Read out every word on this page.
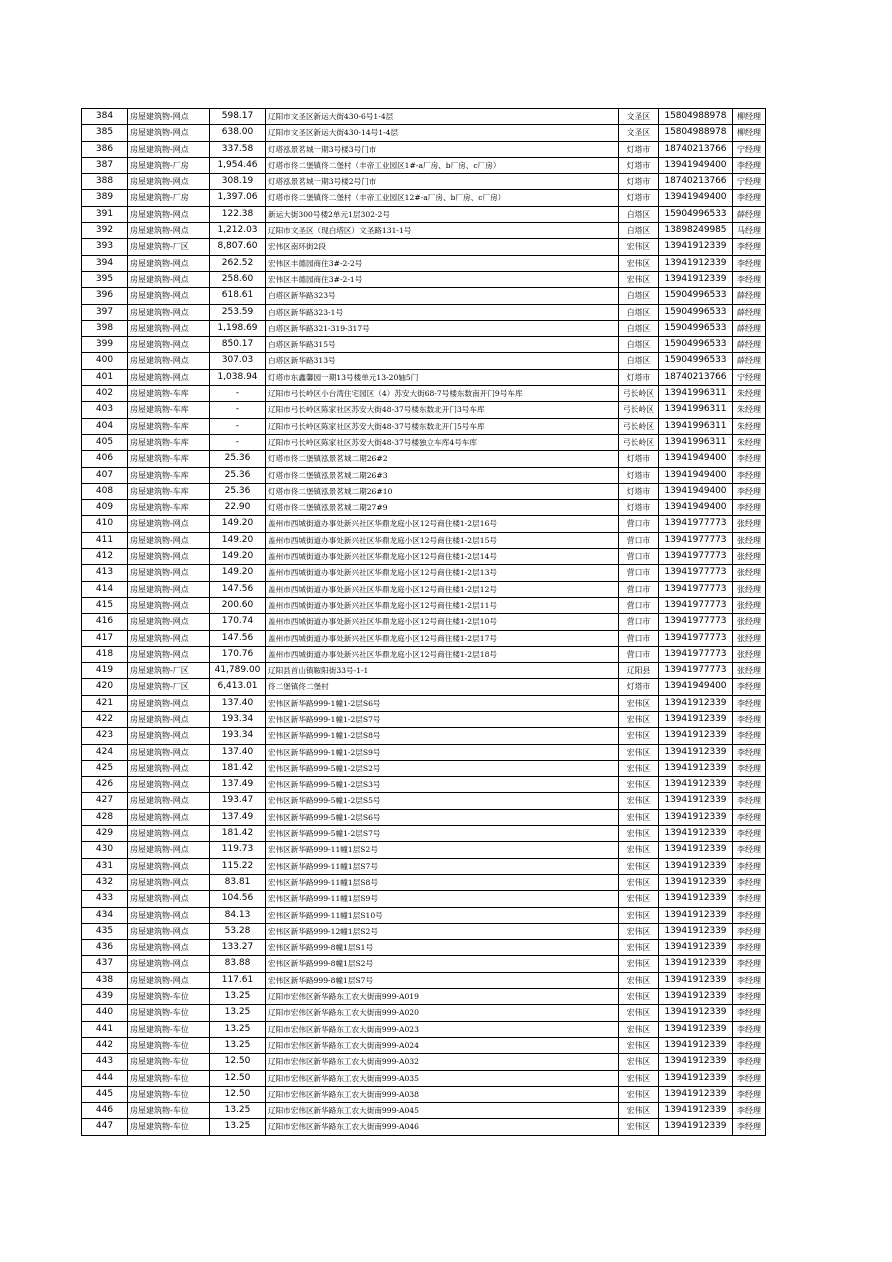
384	房屋建筑物-网点	598.17	辽阳市文圣区新运大街430-6号1-4层	文圣区	15804988978	柳经理
385	房屋建筑物-网点	638.00	辽阳市文圣区新运大街430-14号1-4层	文圣区	15804988978	柳经理
386	房屋建筑物-网点	337.58	灯塔泓景茗城一期3号楼3号门市	灯塔市	18740213766	宁经理
387	房屋建筑物-厂房	1,954.46	灯塔市佟二堡镇佟二堡村（丰帝工业园区1#-a厂房、b厂房、c厂房）	灯塔市	13941949400	李经理
388	房屋建筑物-网点	308.19	灯塔泓景茗城一期3号楼2号门市	灯塔市	18740213766	宁经理
389	房屋建筑物-厂房	1,397.06	灯塔市佟二堡镇佟二堡村（丰帝工业园区12#-a厂房、b厂房、c厂房）	灯塔市	13941949400	李经理
391	房屋建筑物-网点	122.38	新运大街300号楼2单元1层302-2号	白塔区	15904996533	薛经理
392	房屋建筑物-网点	1,212.03	辽阳市文圣区（现白塔区）文圣路131-1号	白塔区	13898249985	马经理
393	房屋建筑物-厂区	8,807.60	宏伟区南环街2段	宏伟区	13941912339	李经理
394	房屋建筑物-网点	262.52	宏伟区丰德园商住3#-2-2号	宏伟区	13941912339	李经理
395	房屋建筑物-网点	258.60	宏伟区丰德园商住3#-2-1号	宏伟区	13941912339	李经理
396	房屋建筑物-网点	618.61	白塔区新华路323号	白塔区	15904996533	薛经理
397	房屋建筑物-网点	253.59	白塔区新华路323-1号	白塔区	15904996533	薛经理
398	房屋建筑物-网点	1,198.69	白塔区新华路321-319-317号	白塔区	15904996533	薛经理
399	房屋建筑物-网点	850.17	白塔区新华路315号	白塔区	15904996533	薛经理
400	房屋建筑物-网点	307.03	白塔区新华路313号	白塔区	15904996533	薛经理
401	房屋建筑物-网点	1,038.94	灯塔市东鑫馨园一期13号楼单元13-20轴5门	灯塔市	18740213766	宁经理
402	房屋建筑物-车库	-	辽阳市弓长岭区小台湾住宅园区（4）苏安大街68-7号楼东数南开门9号车库	弓长岭区	13941996311	朱经理
403	房屋建筑物-车库	-	辽阳市弓长岭区陈家社区苏安大街48-37号楼东数北开门3号车库	弓长岭区	13941996311	朱经理
404	房屋建筑物-车库	-	辽阳市弓长岭区陈家社区苏安大街48-37号楼东数北开门5号车库	弓长岭区	13941996311	朱经理
405	房屋建筑物-车库	-	辽阳市弓长岭区陈家社区苏安大街48-37号楼独立车库4号车库	弓长岭区	13941996311	朱经理
406	房屋建筑物-车库	25.36	灯塔市佟二堡镇泓景茗城二期26#2	灯塔市	13941949400	李经理
407	房屋建筑物-车库	25.36	灯塔市佟二堡镇泓景茗城二期26#3	灯塔市	13941949400	李经理
408	房屋建筑物-车库	25.36	灯塔市佟二堡镇泓景茗城二期26#10	灯塔市	13941949400	李经理
409	房屋建筑物-车库	22.90	灯塔市佟二堡镇泓景茗城二期27#9	灯塔市	13941949400	李经理
410	房屋建筑物-网点	149.20	盖州市西城街道办事处新兴社区华鼎龙庭小区12号商住楼1-2层16号	营口市	13941977773	张经理
411	房屋建筑物-网点	149.20	盖州市西城街道办事处新兴社区华鼎龙庭小区12号商住楼1-2层15号	营口市	13941977773	张经理
412	房屋建筑物-网点	149.20	盖州市西城街道办事处新兴社区华鼎龙庭小区12号商住楼1-2层14号	营口市	13941977773	张经理
413	房屋建筑物-网点	149.20	盖州市西城街道办事处新兴社区华鼎龙庭小区12号商住楼1-2层13号	营口市	13941977773	张经理
414	房屋建筑物-网点	147.56	盖州市西城街道办事处新兴社区华鼎龙庭小区12号商住楼1-2层12号	营口市	13941977773	张经理
415	房屋建筑物-网点	200.60	盖州市西城街道办事处新兴社区华鼎龙庭小区12号商住楼1-2层11号	营口市	13941977773	张经理
416	房屋建筑物-网点	170.74	盖州市西城街道办事处新兴社区华鼎龙庭小区12号商住楼1-2层10号	营口市	13941977773	张经理
417	房屋建筑物-网点	147.56	盖州市西城街道办事处新兴社区华鼎龙庭小区12号商住楼1-2层17号	营口市	13941977773	张经理
418	房屋建筑物-网点	170.76	盖州市西城街道办事处新兴社区华鼎龙庭小区12号商住楼1-2层18号	营口市	13941977773	张经理
419	房屋建筑物-厂区	41,789.00	辽阳县首山镇鞍阳街33号-1-1	辽阳县	13941977773	张经理
420	房屋建筑物-厂区	6,413.01	佟二堡镇佟二堡村	灯塔市	13941949400	李经理
421	房屋建筑物-网点	137.40	宏伟区新华路999-1幢1-2层S6号	宏伟区	13941912339	李经理
422	房屋建筑物-网点	193.34	宏伟区新华路999-1幢1-2层S7号	宏伟区	13941912339	李经理
423	房屋建筑物-网点	193.34	宏伟区新华路999-1幢1-2层S8号	宏伟区	13941912339	李经理
424	房屋建筑物-网点	137.40	宏伟区新华路999-1幢1-2层S9号	宏伟区	13941912339	李经理
425	房屋建筑物-网点	181.42	宏伟区新华路999-5幢1-2层S2号	宏伟区	13941912339	李经理
426	房屋建筑物-网点	137.49	宏伟区新华路999-5幢1-2层S3号	宏伟区	13941912339	李经理
427	房屋建筑物-网点	193.47	宏伟区新华路999-5幢1-2层S5号	宏伟区	13941912339	李经理
428	房屋建筑物-网点	137.49	宏伟区新华路999-5幢1-2层S6号	宏伟区	13941912339	李经理
429	房屋建筑物-网点	181.42	宏伟区新华路999-5幢1-2层S7号	宏伟区	13941912339	李经理
430	房屋建筑物-网点	119.73	宏伟区新华路999-11幢1层S2号	宏伟区	13941912339	李经理
431	房屋建筑物-网点	115.22	宏伟区新华路999-11幢1层S7号	宏伟区	13941912339	李经理
432	房屋建筑物-网点	83.81	宏伟区新华路999-11幢1层S8号	宏伟区	13941912339	李经理
433	房屋建筑物-网点	104.56	宏伟区新华路999-11幢1层S9号	宏伟区	13941912339	李经理
434	房屋建筑物-网点	84.13	宏伟区新华路999-11幢1层S10号	宏伟区	13941912339	李经理
435	房屋建筑物-网点	53.28	宏伟区新华路999-12幢1层S2号	宏伟区	13941912339	李经理
436	房屋建筑物-网点	133.27	宏伟区新华路999-8幢1层S1号	宏伟区	13941912339	李经理
437	房屋建筑物-网点	83.88	宏伟区新华路999-8幢1层S2号	宏伟区	13941912339	李经理
438	房屋建筑物-网点	117.61	宏伟区新华路999-8幢1层S7号	宏伟区	13941912339	李经理
439	房屋建筑物-车位	13.25	辽阳市宏伟区新华路东工农大街南999-A019	宏伟区	13941912339	李经理
440	房屋建筑物-车位	13.25	辽阳市宏伟区新华路东工农大街南999-A020	宏伟区	13941912339	李经理
441	房屋建筑物-车位	13.25	辽阳市宏伟区新华路东工农大街南999-A023	宏伟区	13941912339	李经理
442	房屋建筑物-车位	13.25	辽阳市宏伟区新华路东工农大街南999-A024	宏伟区	13941912339	李经理
443	房屋建筑物-车位	12.50	辽阳市宏伟区新华路东工农大街南999-A032	宏伟区	13941912339	李经理
444	房屋建筑物-车位	12.50	辽阳市宏伟区新华路东工农大街南999-A035	宏伟区	13941912339	李经理
445	房屋建筑物-车位	12.50	辽阳市宏伟区新华路东工农大街南999-A038	宏伟区	13941912339	李经理
446	房屋建筑物-车位	13.25	辽阳市宏伟区新华路东工农大街南999-A045	宏伟区	13941912339	李经理
447	房屋建筑物-车位	13.25	辽阳市宏伟区新华路东工农大街南999-A046	宏伟区	13941912339	李经理
